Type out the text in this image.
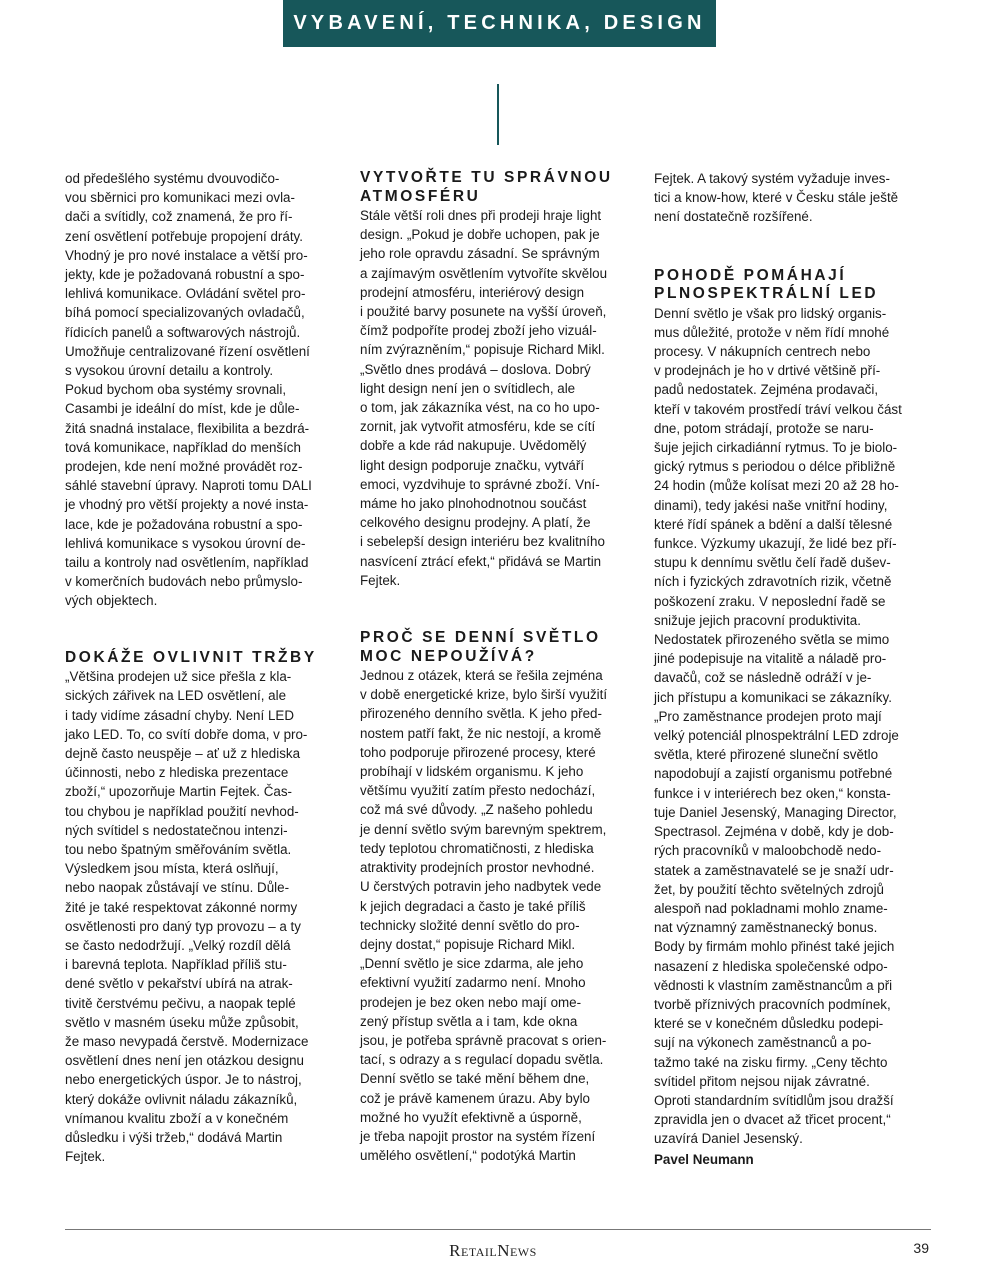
VYBAVENÍ, TECHNIKA, DESIGN

od předešlého systému dvouvodičo-
vou sběrnici pro komunikaci mezi ovla-
dači a svítidly, což znamená, že pro ří-
zení osvětlení potřebuje propojení dráty.
Vhodný je pro nové instalace a větší pro-
jekty, kde je požadovaná robustní a spo-
lehlivá komunikace. Ovládání světel pro-
bíhá pomocí specializovaných ovladačů,
řídicích panelů a softwarových nástrojů.
Umožňuje centralizované řízení osvětlení
s vysokou úrovní detailu a kontroly.
Pokud bychom oba systémy srovnali,
Casambi je ideální do míst, kde je důle-
žitá snadná instalace, flexibilita a bezdrá-
tová komunikace, například do menších
prodejen, kde není možné provádět roz-
sáhlé stavební úpravy. Naproti tomu DALI
je vhodný pro větší projekty a nové insta-
lace, kde je požadována robustní a spo-
lehlivá komunikace s vysokou úrovní de-
tailu a kontroly nad osvětlením, například
v komerčních budovách nebo průmyslo-
vých objektech.

DOKÁŽE OVLIVNIT TRŽBY

„Většina prodejen už sice přešla z kla-
sických zářivek na LED osvětlení, ale
i tady vidíme zásadní chyby. Není LED
jako LED. To, co svítí dobře doma, v pro-
dejně často neuspěje – ať už z hlediska
účinnosti, nebo z hlediska prezentace
zboží,“ upozorňuje Martin Fejtek. Čas-
tou chybou je například použití nevhod-
ných svítidel s nedostatečnou intenzi-
tou nebo špatným směřováním světla.
Výsledkem jsou místa, která oslňují,
nebo naopak zůstávají ve stínu. Důle-
žité je také respektovat zákonné normy
osvětlenosti pro daný typ provozu – a ty
se často nedodržují. „Velký rozdíl dělá
i barevná teplota. Například příliš stu-
dené světlo v pekařství ubírá na atrak-
tivitě čerstvému pečivu, a naopak teplé
světlo v masném úseku může způsobit,
že maso nevypadá čerstvě. Modernizace
osvětlení dnes není jen otázkou designu
nebo energetických úspor. Je to nástroj,
který dokáže ovlivnit náladu zákazníků,
vnímanou kvalitu zboží a v konečném
důsledku i výši tržeb,“ dodává Martin
Fejtek.

VYTVOŘTE TU SPRÁVNOU
ATMOSFÉRU

Stále větší roli dnes při prodeji hraje light
design. „Pokud je dobře uchopen, pak je
jeho role opravdu zásadní. Se správným
a zajímavým osvětlením vytvoříte skvělou
prodejní atmosféru, interiérový design
i použité barvy posunete na vyšší úroveň,
čímž podpoříte prodej zboží jeho vizuál-
ním zvýrazněním,“ popisuje Richard Mikl.
„Světlo dnes prodává – doslova. Dobrý
light design není jen o svítidlech, ale
o tom, jak zákazníka vést, na co ho upo-
zornit, jak vytvořit atmosféru, kde se cítí
dobře a kde rád nakupuje. Uvědomělý
light design podporuje značku, vytváří
emoci, vyzdvihuje to správné zboží. Vní-
máme ho jako plnohodnotnou součást
celkového designu prodejny. A platí, že
i sebelepší design interiéru bez kvalitního
nasvícení ztrácí efekt,“ přidává se Martin
Fejtek.

PROČ SE DENNÍ SVĚTLO
MOC NEPOUŽÍVÁ?

Jednou z otázek, která se řešila zejména
v době energetické krize, bylo širší využití
přirozeného denního světla. K jeho před-
nostem patří fakt, že nic nestojí, a kromě
toho podporuje přirozené procesy, které
probíhají v lidském organismu. K jeho
většímu využití zatím přesto nedochází,
což má své důvody. „Z našeho pohledu
je denní světlo svým barevným spektrem,
tedy teplotou chromatičnosti, z hlediska
atraktivity prodejních prostor nevhodné.
U čerstvých potravin jeho nadbytek vede
k jejich degradaci a často je také příliš
technicky složité denní světlo do pro-
dejny dostat,“ popisuje Richard Mikl.
„Denní světlo je sice zdarma, ale jeho
efektivní využití zadarmo není. Mnoho
prodejen je bez oken nebo mají ome-
zený přístup světla a i tam, kde okna
jsou, je potřeba správně pracovat s orien-
tací, s odrazy a s regulací dopadu světla.
Denní světlo se také mění během dne,
což je právě kamenem úrazu. Aby bylo
možné ho využít efektivně a úsporně,
je třeba napojit prostor na systém řízení
umělého osvětlení,“ podotýká Martin

Fejtek. A takový systém vyžaduje inves-
tici a know-how, které v Česku stále ještě
není dostatečně rozšířené.

POHODĚ POMÁHAJÍ
PLNOSPEKTRÁLNÍ LED

Denní světlo je však pro lidský organis-
mus důležité, protože v něm řídí mnohé
procesy. V nákupních centrech nebo
v prodejnách je ho v drtivé většině pří-
padů nedostatek. Zejména prodavači,
kteří v takovém prostředí tráví velkou část
dne, potom strádají, protože se naru-
šuje jejich cirkadiánní rytmus. To je biolo-
gický rytmus s periodou o délce přibližně
24 hodin (může kolísat mezi 20 až 28 ho-
dinami), tedy jakési naše vnitřní hodiny,
které řídí spánek a bdění a další tělesné
funkce. Výzkumy ukazují, že lidé bez pří-
stupu k dennímu světlu čelí řadě dušev-
ních i fyzických zdravotních rizik, včetně
poškození zraku. V neposlední řadě se
snižuje jejich pracovní produktivita.
Nedostatek přirozeného světla se mimo
jiné podepisuje na vitalitě a náladě pro-
davačů, což se následně odráží v je-
jich přístupu a komunikaci se zákazníky.
„Pro zaměstnance prodejen proto mají
velký potenciál plnospektrální LED zdroje
světla, které přirozené sluneční světlo
napodobují a zajistí organismu potřebné
funkce i v interiérech bez oken,“ konsta-
tuje Daniel Jesenský, Managing Director,
Spectrasol. Zejména v době, kdy je dob-
rých pracovníků v maloobchodě nedo-
statek a zaměstnavatelé se je snaží udr-
žet, by použití těchto světelných zdrojů
alespoň nad pokladnami mohlo zname-
nat významný zaměstnanecký bonus.
Body by firmám mohlo přinést také jejich
nasazení z hlediska společenské odpo-
vědnosti k vlastním zaměstnancům a při
tvorbě příznivých pracovních podmínek,
které se v konečném důsledku podepi-
sují na výkonech zaměstnanců a po-
tažmo také na zisku firmy. „Ceny těchto
svítidel přitom nejsou nijak závratné.
Oproti standardním svítidlům jsou dražší
zpravidla jen o dvacet až třicet procent,“
uzavírá Daniel Jesenský.

Pavel Neumann

RetailNews	39
